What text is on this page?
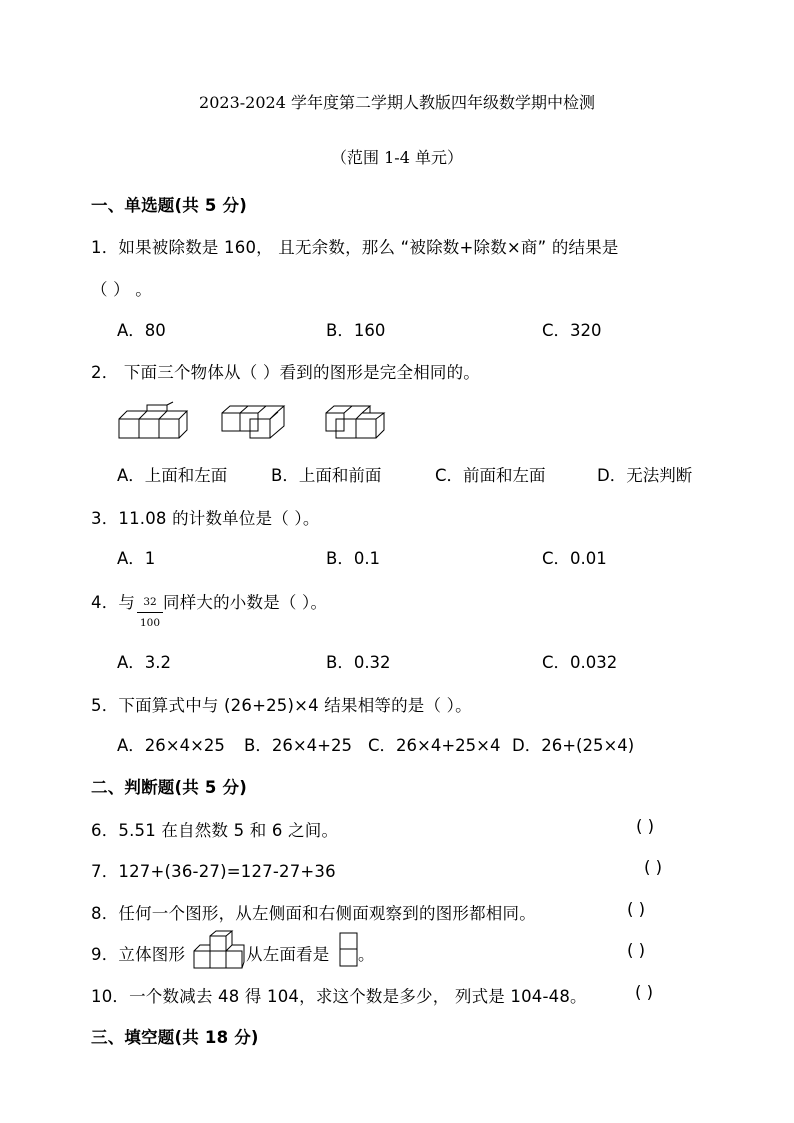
2023-2024 学年度第二学期人教版四年级数学期中检测
（范围 1-4 单元）
一、单选题(共 5 分)
1．如果被除数是 160， 且无余数，那么 “被除数+除数×商” 的结果是
（ ） 。
A．80	B．160	C．320
2． 下面三个物体从（ ）看到的图形是完全相同的。
A．上面和左面	B．上面和前面	C．前面和左面	D．无法判断
3．11.08 的计数单位是（ ）。
A．1	B．0.1	C．0.01
4．与 32
100
同样大的小数是（ ）。
A．3.2	B．0.32	C．0.032
5．下面算式中与 (26+25)×4 结果相等的是（ ）。
A．26×4×25 B．26×4+25 C．26×4+25×4 D．26+(25×4)
二、判断题(共 5 分)
6．5.51 在自然数 5 和 6 之间。	( )
7．127+(36-27)=127-27+36	( )
8．任何一个图形，从左侧面和右侧面观察到的图形都相同。	( )
9．立体图形	从左面看是 。	( )
10．一个数减去 48 得 104，求这个数是多少， 列式是 104-48。	( )
三、填空题(共 18 分)
